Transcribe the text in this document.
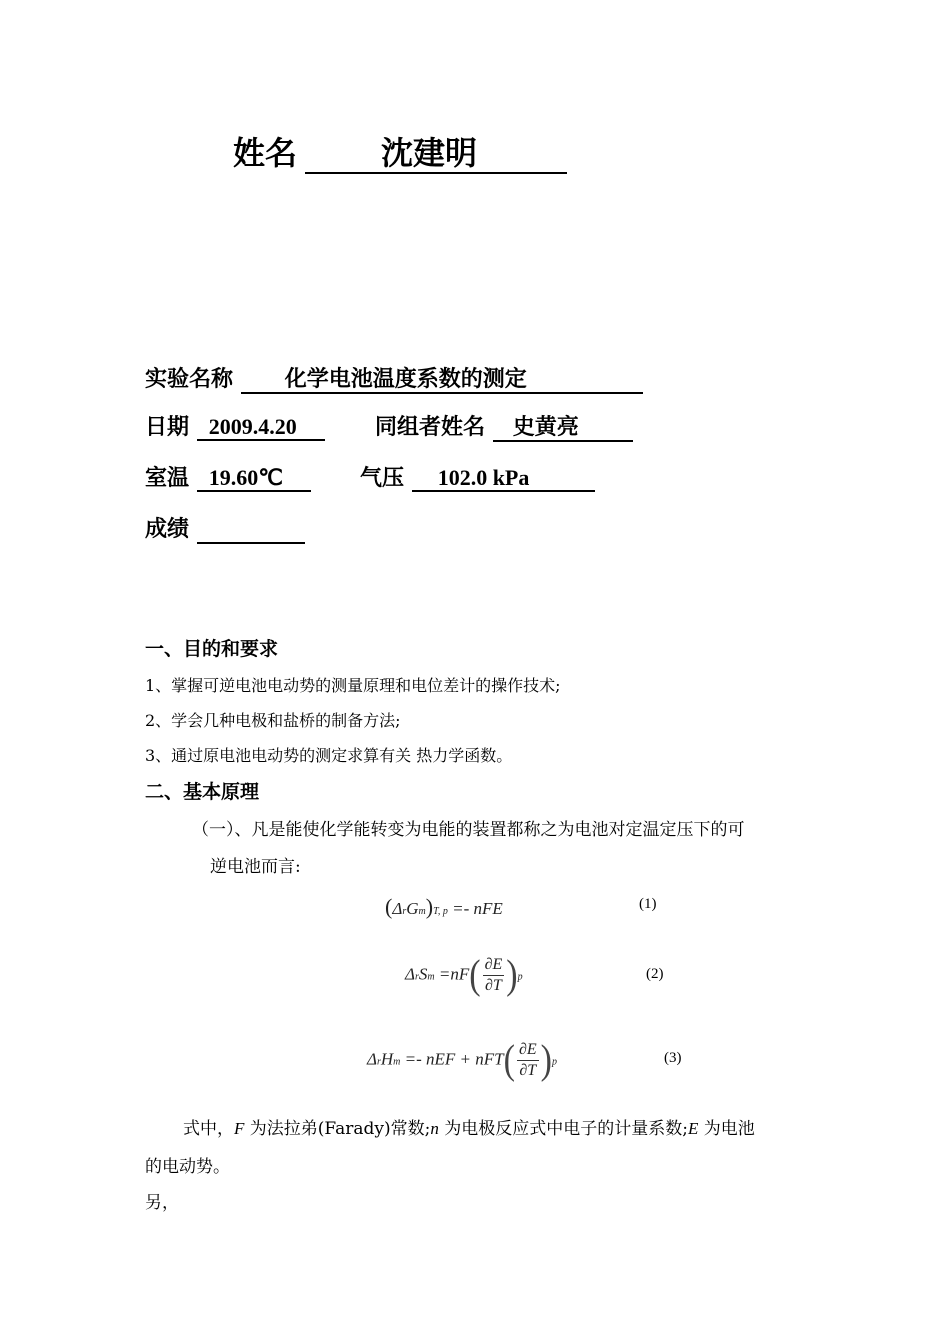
姓名	沈建明
实验名称 化学电池温度系数的测定
日期 2009.4.20	同组者姓名 史黄亮
室温 19.60℃	气压 102.0 kPa
成绩
一、目的和要求
1、掌握可逆电池电动势的测量原理和电位差计的操作技术;
2、学会几种电极和盐桥的制备方法;
3、通过原电池电动势的测定求算有关 热力学函数。
二、基本原理
（一）、凡是能使化学能转变为电能的装置都称之为电池对定温定压下的可
逆电池而言:
(ΔrGm)T, p =- nFE	(1)
$\Delta rSm =nF( \frac{\partial E}{\partial T} )p$	(2)
ΔrHm =- nEF + $nFT( \frac{\partial E}{\partial T} )p$	(3)
式中，F 为法拉弟(Farady)常数;n 为电极反应式中电子的计量系数;E 为电池
的电动势。
另，
